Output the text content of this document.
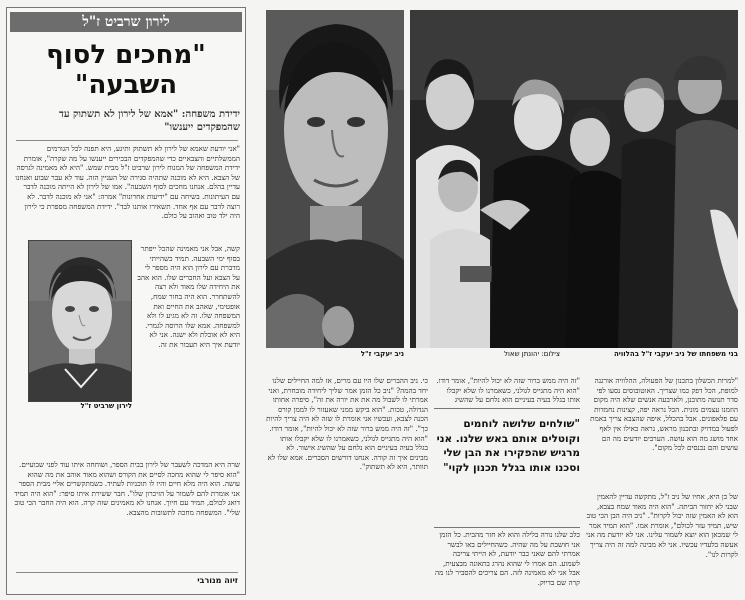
לירון שרביט ז"ל
"מחכים לסוף
השבעה"
ידידת משפחה: "אמא של לירון לא תשתוק עד שהמפקדים ייענשו"
"אני יודעת שאמא של לירון לא תשתוק ותיגע, היא תפנה לכל הגורמים הממשלתיים והצבאיים כדי שהמפקדים הבכירים ייענשו על מה שקרה", אומרת ידידת המשפחה של המנוח לירון שרביט ז"ל מבית שמש. "היא לא מאמינה לגרסה של הצבא. היא לא מוכנה שתהיה סגירה של העניין הזה. עוד לא עבר שבוע ואנחנו עדיין בהלם. אנחנו מחכים לסוף השבעה". אמו של לירון לא הייתה מוכנה לדבר עם העיתונות. בשיחה עם "ידיעות אחרונות" אמרה: "אני לא מוכנה לדבר. לא רוצה לדבר עם אף אחד. תשאירו אותנו לבד". ידידת המשפחה מספרת כי לירון היה ילד טוב ואהוב על כולם.
לירון שרביט ז"ל
קשה, אבל אני מאמינה שהכל ייפתר בסוף ימי השבעה. תמיד כשהייתי מדברת עם לירון הוא היה מספר לי על הצבא ועל החברים שלו. הוא אהב את היחידה שלו מאוד ולא רצה להשתחרר. הוא היה בחור שמח, אופטימי, שאהב את החיים ואת המשפחה שלו. זה לא מגיע לו ולא למשפחה. אמא שלו הרוסה לגמרי. היא לא אוכלת ולא ישנה. אני לא יודעת איך היא תעבור את זה.
שרה היא המדכה לשעבר של לירון בבית הספר, ושוחחה איתו עוד לפני שבועיים. "הוא סיפר לי שהוא מחכה לסיים את הקורס ושהוא מאוד אוהב את מה שהוא עושה. הוא היה מלא חיים והיו לו תוכניות לעתיד. כשמתקשרים אליי מבית הספר אני אומרת להם לשמור על הזיכרון שלו". חבר ששירת איתו סיפר: "הוא היה תמיד דואג לכולם, תמיד עם חיוך. אנחנו לא מאמינים שזה קרה. הוא היה החבר הכי טוב שלי". המשפחה מחכה לתשובות מהצבא.
זיוה מנורבי
ניב יעקבי ז"ל	צילום: יהונתן שאול	בני משפחתו של ניב יעקבי ז"ל בהלוויה
כי. ניב ההברים שלו היו עם מרים, אז למה החיילים שלנו יחד בהמה? "ניב כל הזמן אמר שליך ליחידה מובחרת, ואני אמרתי לו לשבול מה את את יורה את זה", סיפרה אחותו הגדולה, טכות. "הוא ביקש ממני שאעזור לו לממן קורס הכנה לצבא, ועכשיו אני אומרת לו שזה לא היה צריך להיות כך". "זה היה ממש ברור שזה לא יכול להיות", אומר דודו. "הוא היה מתגייס לגולני, כשאמרנו לו שלא יקבלו אותו בגלל בעיה בעיניים הוא נלחם על שהשיג אישור. לא מבינים איך זה קורה. אנחנו דורשים הסברים. אמא שלו לא תוותר, היא לא תשתוק".
"זה היה ממש ברור שזה לא יכול להיות", אומר דודו. "הוא היה מתגייס לגולני, כשאמרנו לו שלא יקבלו אותו בגלל בעיה בעיניים הוא נלחם על שהשיג
"שולחים שלושה לוחמים
וקוטלים אותם באש שלנו. אני
מרגיש שהפקירו את הבן שלי
וסכנו אותו בגלל תכנון לקוי"
כלב שלנו נורה בלילה והוא לא חזר מהבית. כל הזמן אני חושבת על מה שהיה. כשהחיילים באו לבשר אמרתי להם שאני כבר יודעת, לא הייתי צריכה לשמוע. הם אמרו לי שהוא נהרג בתאונה מבצעית, אבל אני לא מאמינה לזה. הם צריכים להסביר לנו מה קרה שם בדיוק.
"למרות הכשלון בתכנון של הפעולה, ההלוויה אורגנה למופת, הכל דפק כמו שצריך. האוטובוסים נסעו לפי סדר תנועה מתוכנן, ולארבעה אנשים שלא היה מקום הוזמנו עצמים מונית. הכל נראה יפה, קצינות נחמדות עם פלאפונים. אבל בהכלל, איפה שהצבא צריך באמת לפעול במדויק ובתכנון מראש, נראה כאילו אין לאף אחד מושג מה הוא עושה. הערבים יודעים מה הם עושים והם נכנסים לכל מקום".
של כן היא, אחיו של ניב ז"ל, מתקשה עדיין להאמין שבני לא יחזור הביתה. "הוא היה מאוד שמח בצבא, הוא לא האמין שזה יכול לקרות". "ניב היה הבן הכי טוב שיש, תמיד עזר לכולם", אומרת אמו. "הוא תמיד אמר לי שמכאן הוא יוצא לשמור עלינו. אני לא יודעת מה אני אעשה בלעדיו עכשיו. אני לא מבינה למה זה היה צריך לקרות לנו".
